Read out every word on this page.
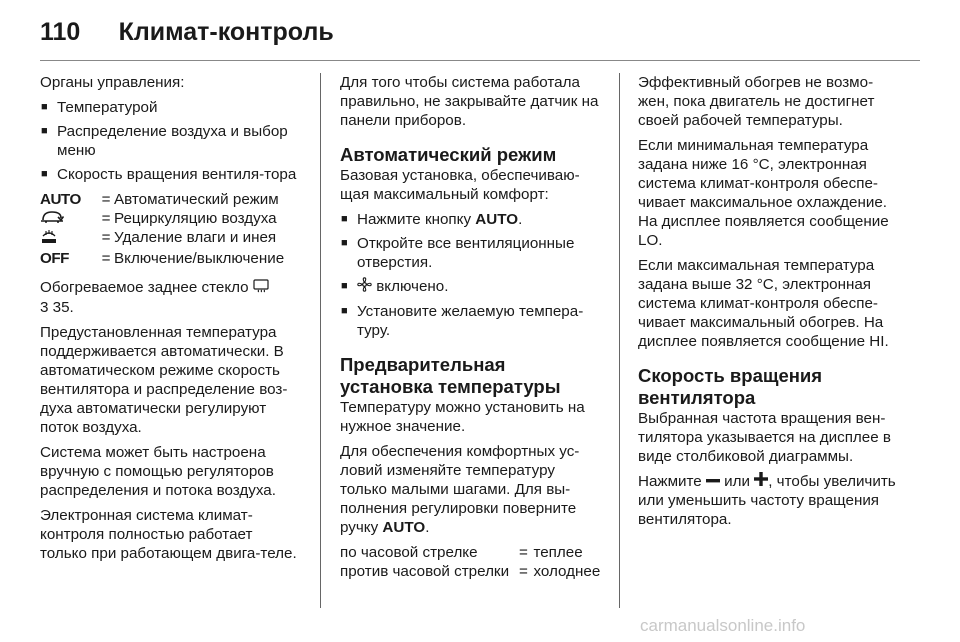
110 Климат-контроль

Органы управления:

■ Температурой
■ Распределение воздуха и выбор меню
■ Скорость вращения вентиля-тора
AUTO	=	Автоматический режим
	=	Рециркуляцию воздуха
	=	Удаление влаги и инея
OFF	=	Включение/выключение

Обогреваемое заднее стекло
3 35.

Предустановленная температура поддерживается автоматически. В автоматическом режиме скорость вентилятора и распределение воз-духа автоматически регулируют поток воздуха.

Система может быть настроена вручную с помощью регуляторов распределения и потока воздуха.

Электронная система климат-контроля полностью работает только при работающем двига-теле.

Для того чтобы система работала правильно, не закрывайте датчик на панели приборов.

Автоматический режим

Базовая установка, обеспечиваю-щая максимальный комфорт:

■ Нажмите кнопку AUTO.
■ Откройте все вентиляционные отверстия.
■ включено.
■ Установите желаемую темпера-туру.
Предварительная установка температуры

Температуру можно установить на нужное значение.

Для обеспечения комфортных ус-ловий изменяйте температуру только малыми шагами. Для вы-полнения регулировки поверните ручку AUTO.

по часовой стрелке	=	теплее
против часовой стрелки	=	холоднее

Эффективный обогрев не возмо-жен, пока двигатель не достигнет своей рабочей температуры.

Если минимальная температура задана ниже 16 °C, электронная система климат-контроля обеспе-чивает максимальное охлаждение. На дисплее появляется сообщение LO.

Если максимальная температура задана выше 32 °C, электронная система климат-контроля обеспе-чивает максимальный обогрев. На дисплее появляется сообщение HI.

Скорость вращения вентилятора

Выбранная частота вращения вен-тилятора указывается на дисплее в виде столбиковой диаграммы.

Нажмите  или , чтобы увеличить или уменьшить частоту вращения вентилятора.

carmanualsonline.info
